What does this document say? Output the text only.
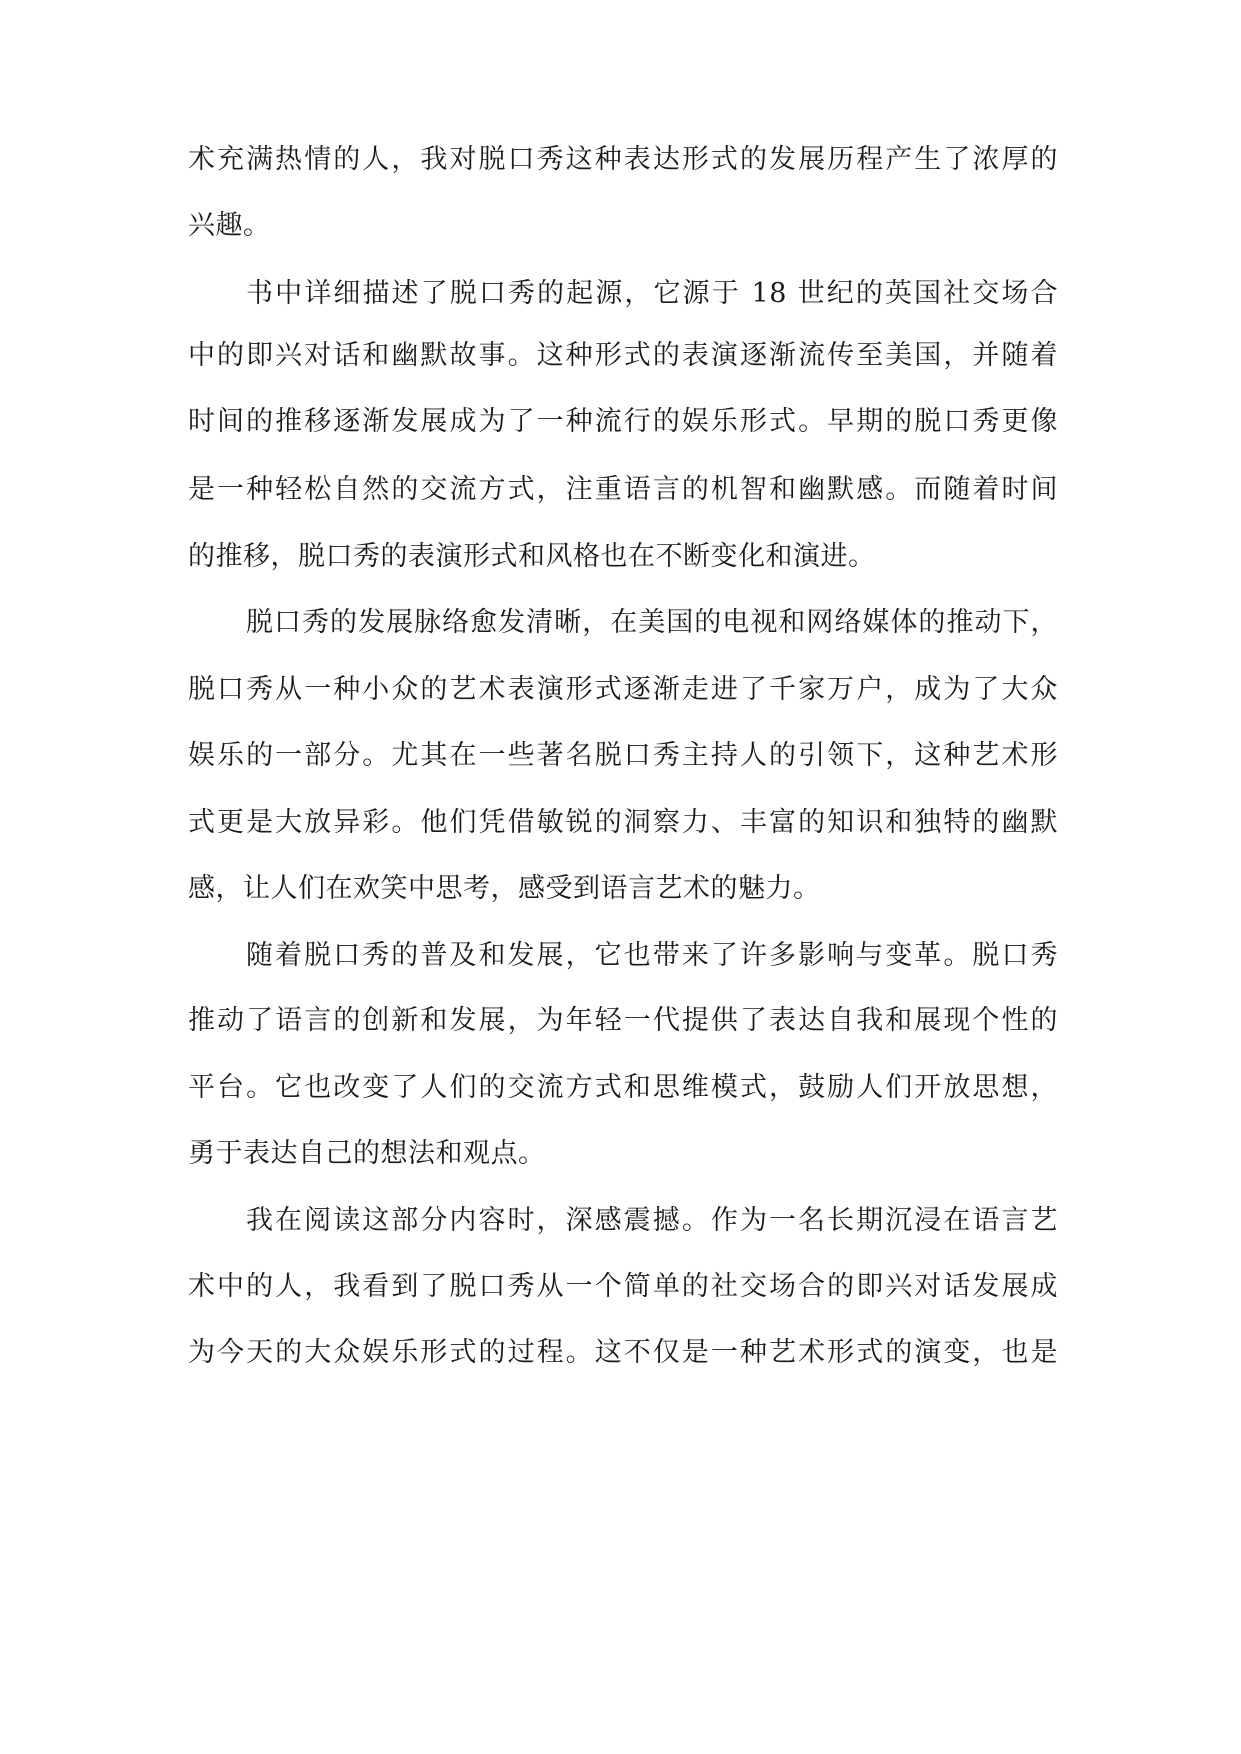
术充满热情的人，我对脱口秀这种表达形式的发展历程产生了浓厚的
兴趣。
书中详细描述了脱口秀的起源，它源于 18 世纪的英国社交场合
中的即兴对话和幽默故事。这种形式的表演逐渐流传至美国，并随着
时间的推移逐渐发展成为了一种流行的娱乐形式。早期的脱口秀更像
是一种轻松自然的交流方式，注重语言的机智和幽默感。而随着时间
的推移，脱口秀的表演形式和风格也在不断变化和演进。
脱口秀的发展脉络愈发清晰，在美国的电视和网络媒体的推动下，
脱口秀从一种小众的艺术表演形式逐渐走进了千家万户，成为了大众
娱乐的一部分。尤其在一些著名脱口秀主持人的引领下，这种艺术形
式更是大放异彩。他们凭借敏锐的洞察力、丰富的知识和独特的幽默
感，让人们在欢笑中思考，感受到语言艺术的魅力。
随着脱口秀的普及和发展，它也带来了许多影响与变革。脱口秀
推动了语言的创新和发展，为年轻一代提供了表达自我和展现个性的
平台。它也改变了人们的交流方式和思维模式，鼓励人们开放思想，
勇于表达自己的想法和观点。
我在阅读这部分内容时，深感震撼。作为一名长期沉浸在语言艺
术中的人，我看到了脱口秀从一个简单的社交场合的即兴对话发展成
为今天的大众娱乐形式的过程。这不仅是一种艺术形式的演变，也是
